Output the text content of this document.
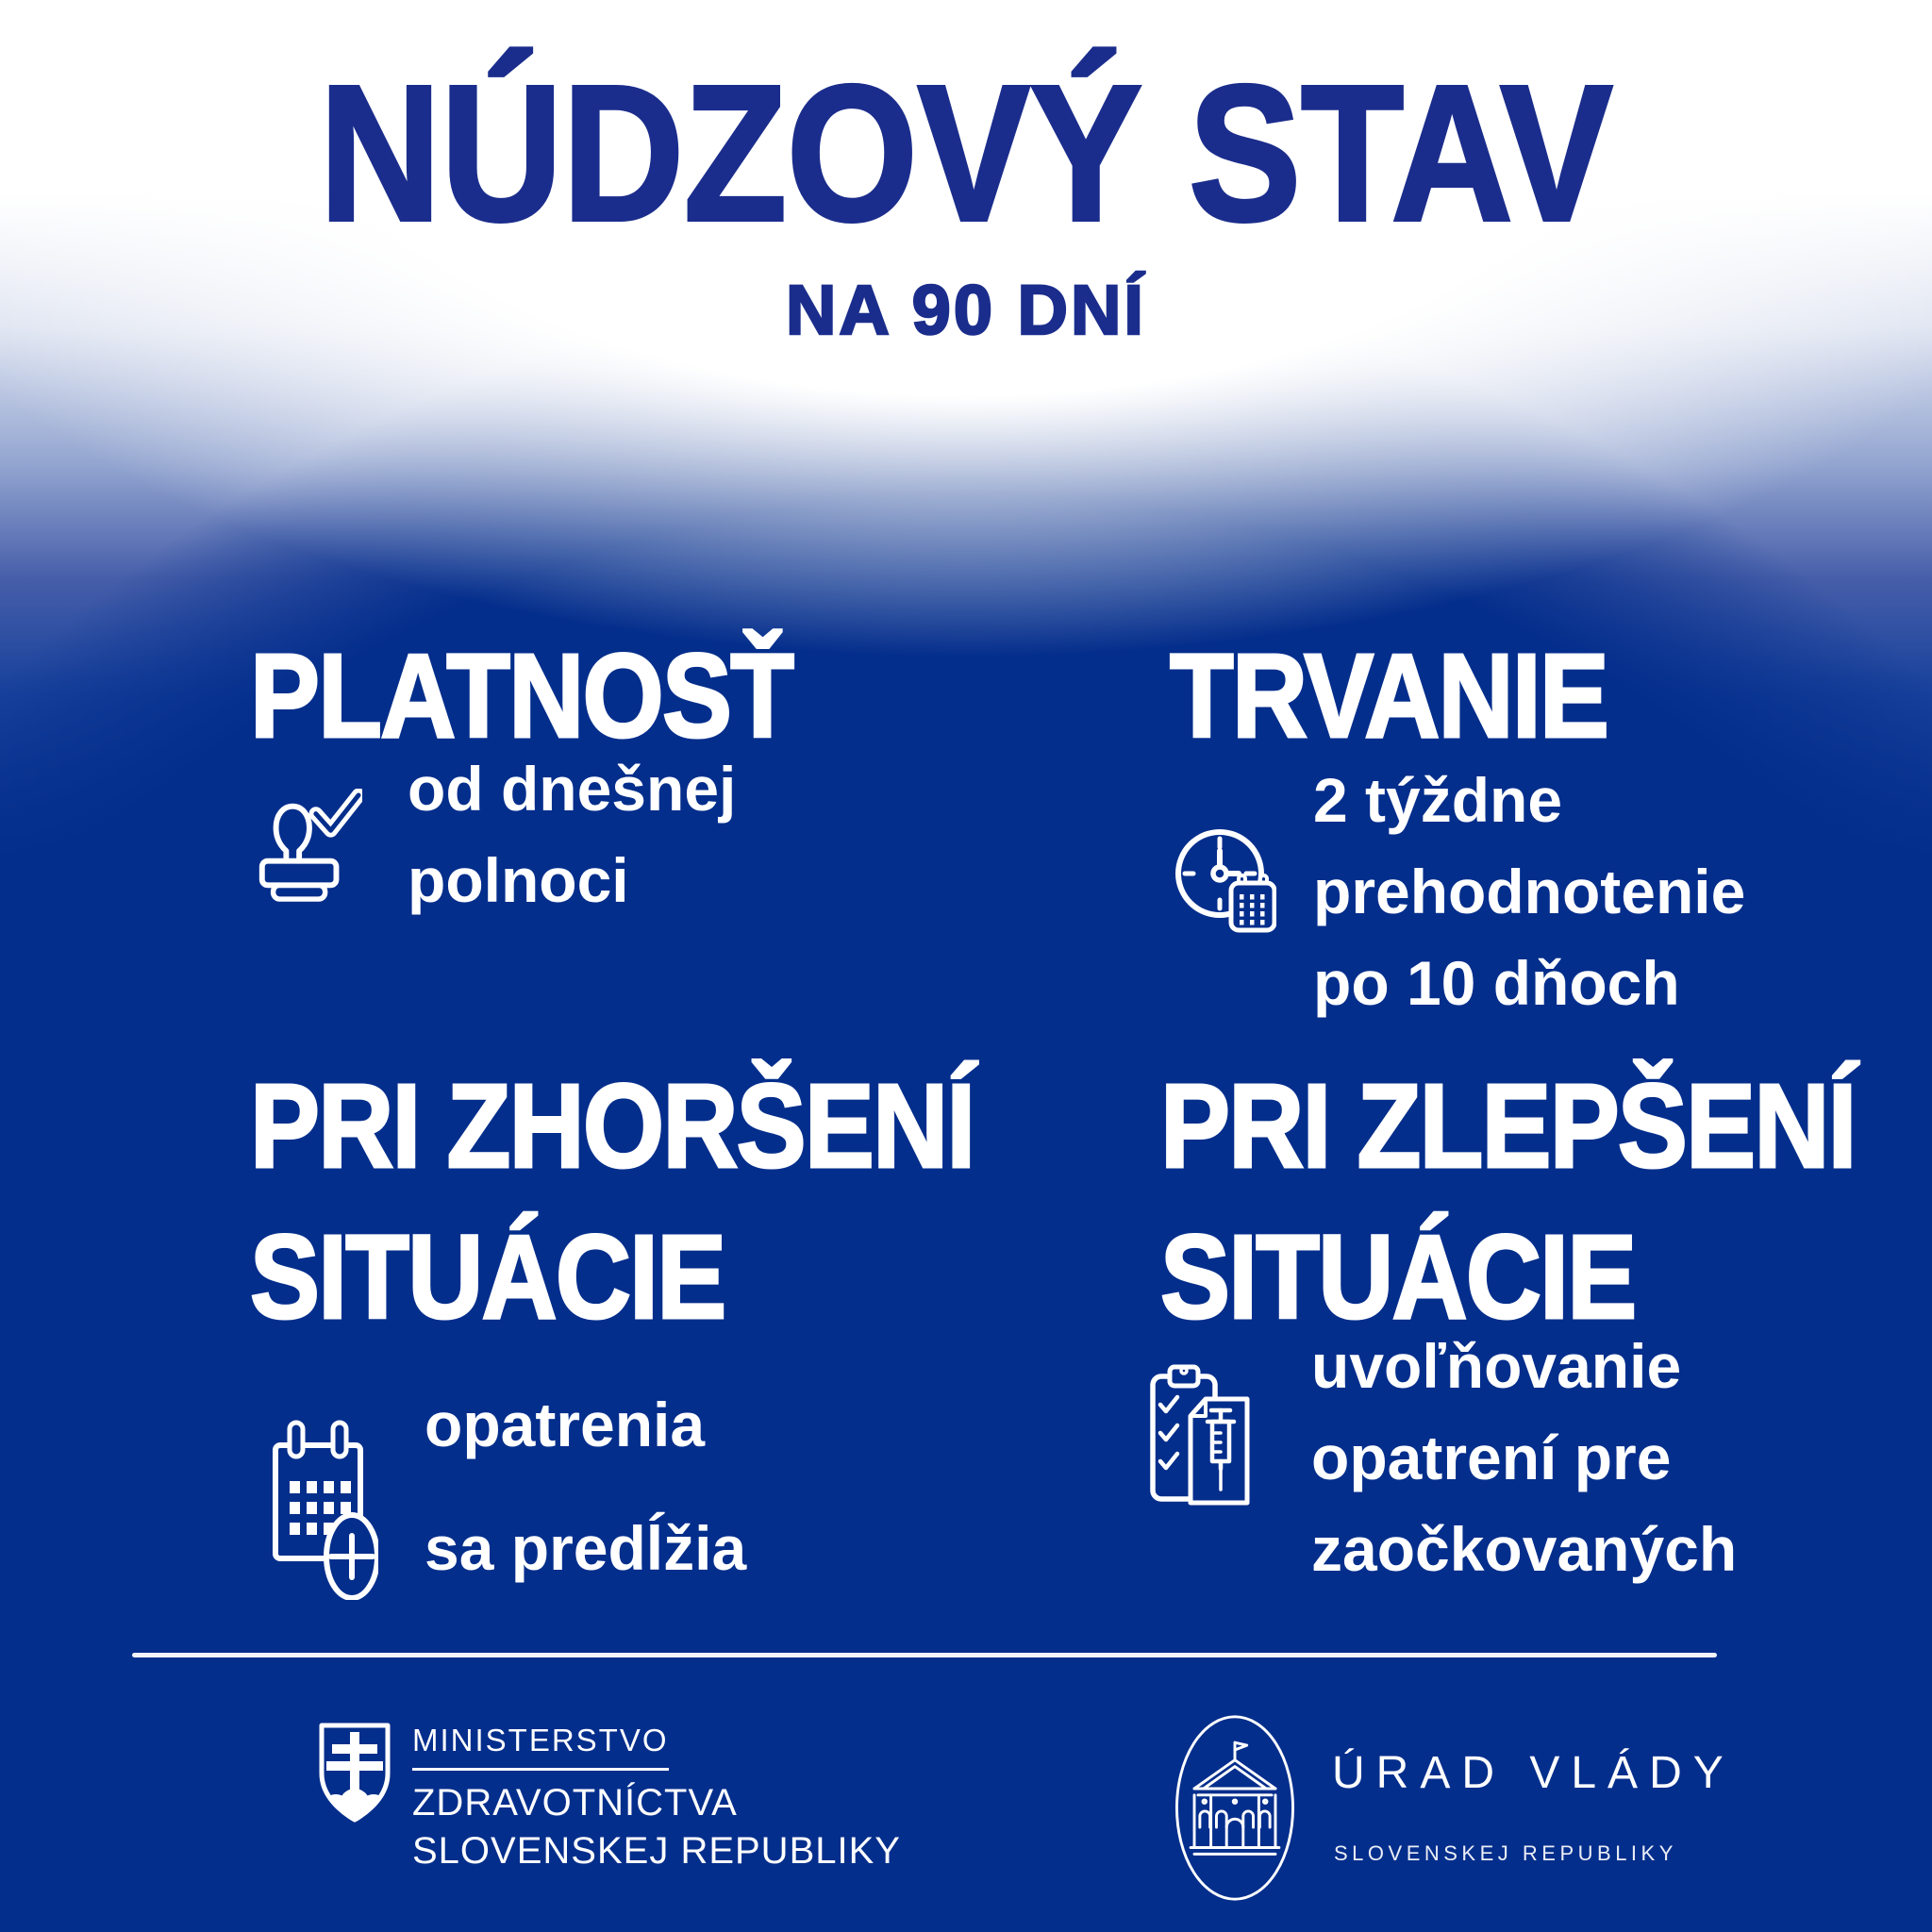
NÚDZOVÝ STAV
NA 90 DNÍ
PLATNOSŤ
od dnešnej
polnoci
TRVANIE
2 týždne
prehodnotenie
po 10 dňoch
PRI ZHORŠENÍ
SITUÁCIE
opatrenia
sa predĺžia
PRI ZLEPŠENÍ
SITUÁCIE
uvoľňovanie
opatrení pre
zaočkovaných
MINISTERSTVO
ZDRAVOTNÍCTVA
SLOVENSKEJ REPUBLIKY
ÚRAD VLÁDY
SLOVENSKEJ REPUBLIKY
